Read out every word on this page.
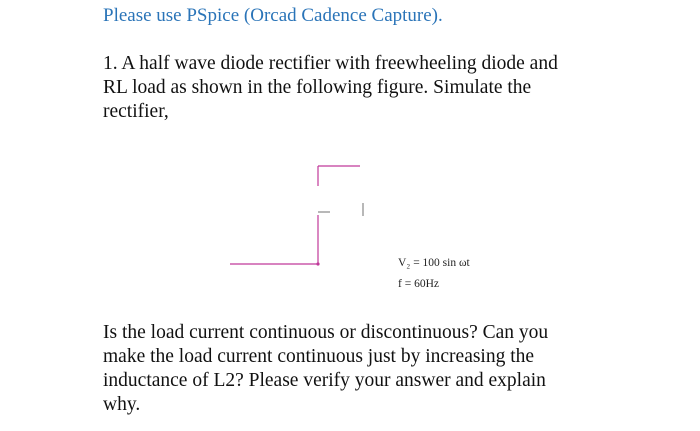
Please use PSpice (Orcad Cadence Capture).
1. A half wave diode rectifier with freewheeling diode and
RL load as shown in the following figure. Simulate the
rectifier,
V₂ = 100 sin ωt
f = 60Hz
Is the load current continuous or discontinuous? Can you
make the load current continuous just by increasing the
inductance of L2? Please verify your answer and explain
why.
